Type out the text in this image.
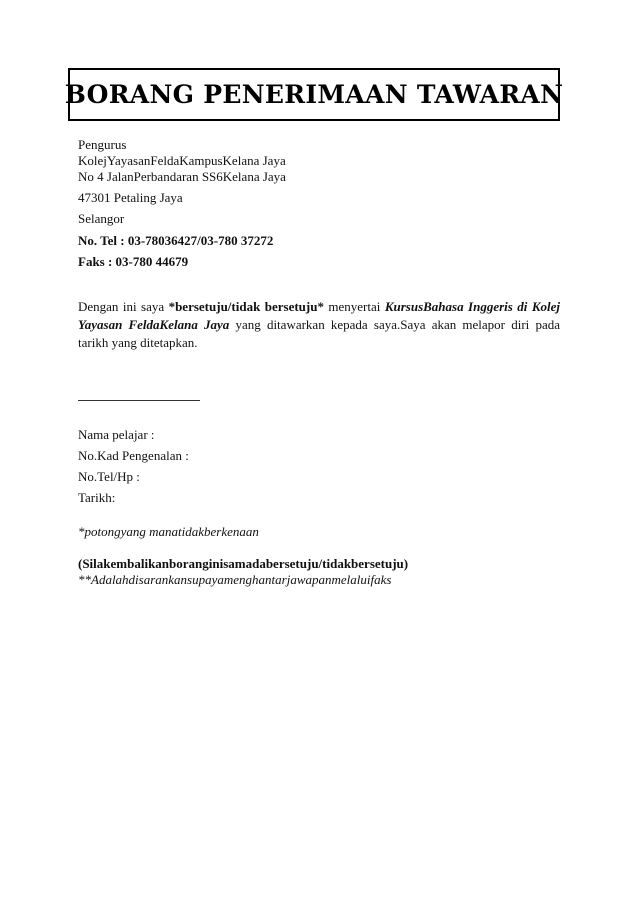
BORANG PENERIMAAN TAWARAN
Pengurus
KolejYayasanFeldaKampusKelana Jaya
No 4 JalanPerbandaran SS6Kelana Jaya
47301 Petaling Jaya
Selangor
No. Tel : 03-78036427/03-780 37272
Faks : 03-780 44679
Dengan ini saya *bersetuju/tidak bersetuju* menyertai KursusBahasa Inggeris di Kolej Yayasan FeldaKelana Jaya yang ditawarkan kepada saya.Saya akan melapor diri pada tarikh yang ditetapkan.
Nama pelajar :
No.Kad Pengenalan :
No.Tel/Hp :
Tarikh:
*potongyang manatidakberkenaan
(Silakembalikanboranginisamadabersetuju/tidakbersetuju)
**Adalahdisarankansupayamenghantarjawapanmelaluifaks
